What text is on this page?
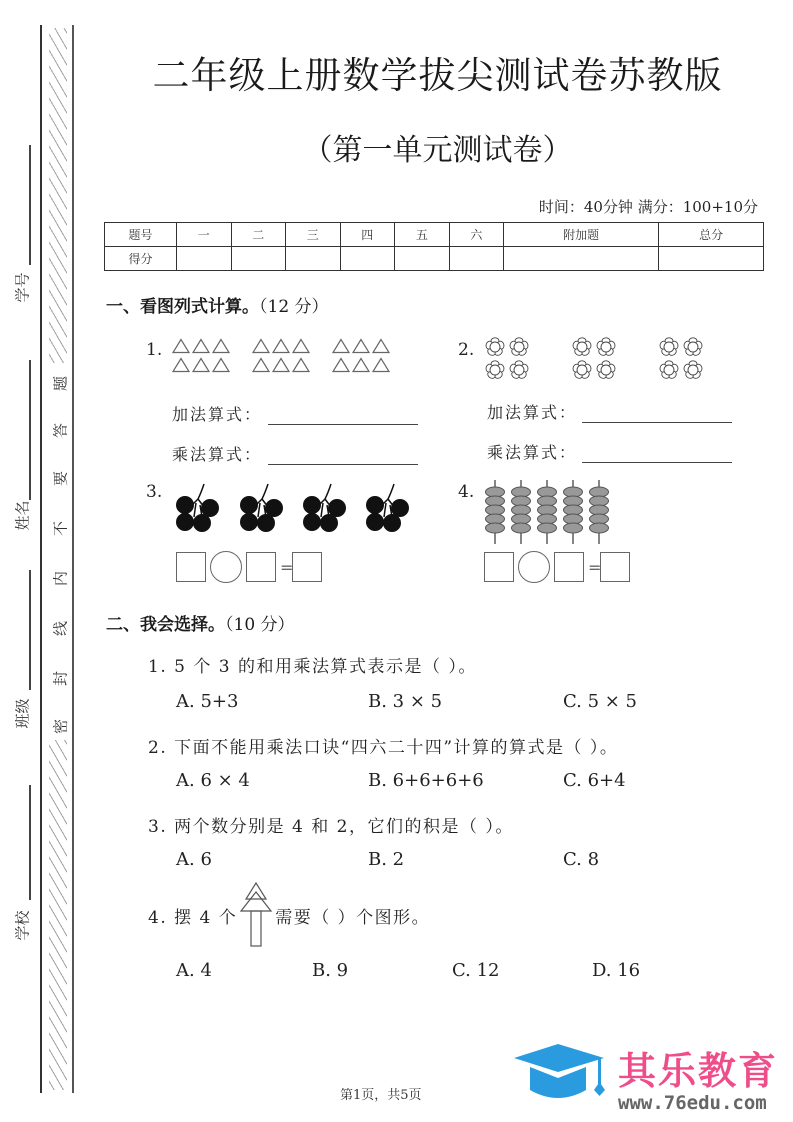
题
答
要
不
内
线
封
密
学号
姓名
班级
学校
二年级上册数学拔尖测试卷苏教版
（第一单元测试卷）
时间：40分钟 满分：100+10分
题号	一	二	三	四	五	六	附加题	总分
得分								
一、看图列式计算。（12 分）
1.
加法算式：
乘法算式：
2.
加法算式：
乘法算式：
3.
=
4.
=
二、我会选择。（10 分）
1. 5 个 3 的和用乘法算式表示是（ ）。
A. 5+3	B. 3 × 5	C. 5 × 5
2. 下面不能用乘法口诀“四六二十四”计算的算式是（ ）。
A. 6 × 4	B. 6+6+6+6	C. 6+4
3. 两个数分别是 4 和 2，它们的积是（ ）。
A. 6	B. 2	C. 8
4. 摆 4 个 需要（ ）个图形。
A. 4	B. 9	C. 12	D. 16
第1页，共5页
其乐教育
www.76edu.com
